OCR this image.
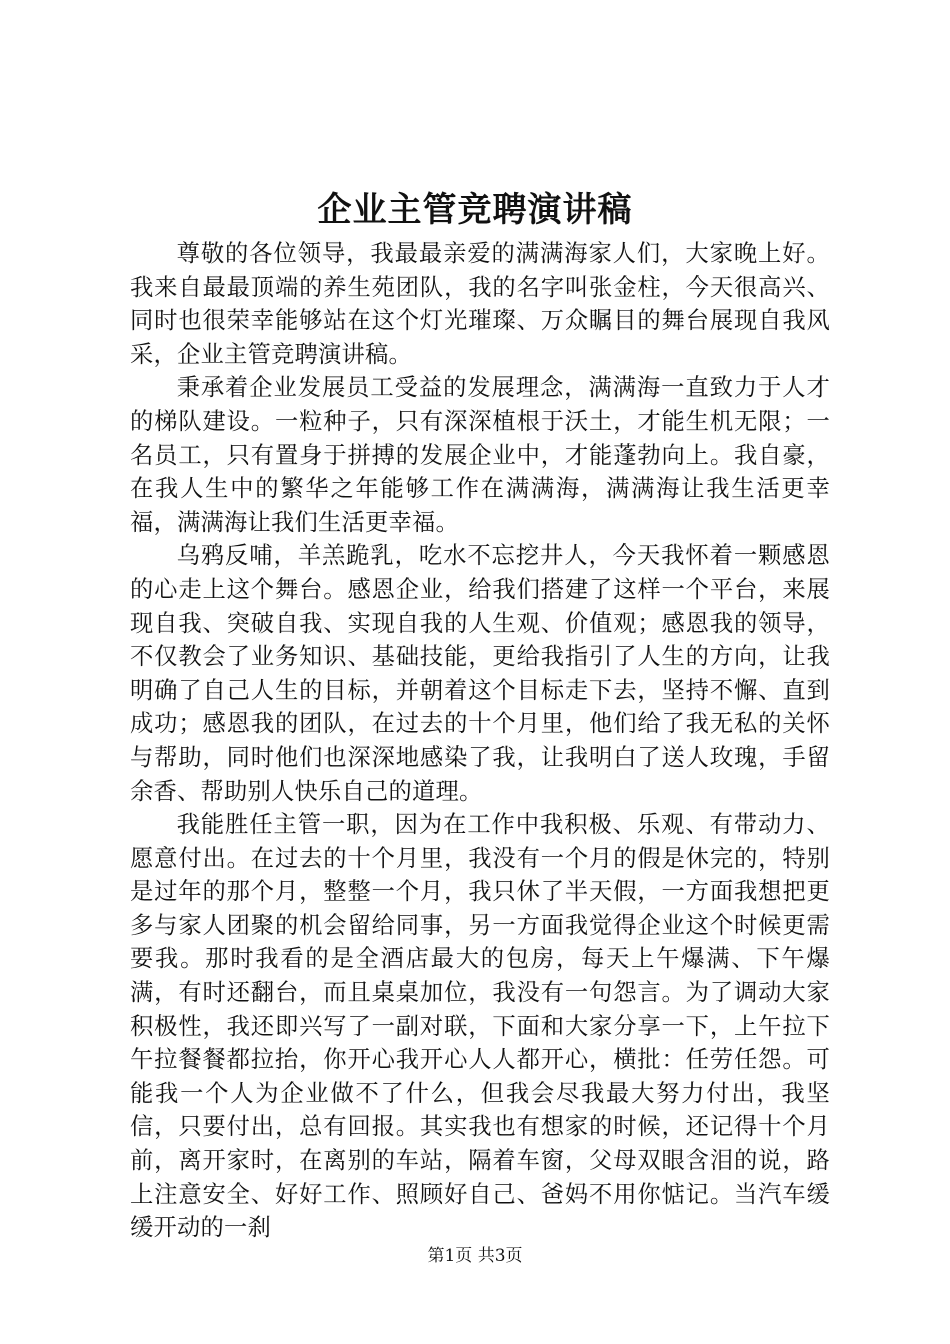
企业主管竞聘演讲稿

尊敬的各位领导，我最最亲爱的满满海家人们，大家晚上好。我来自最最顶端的养生苑团队，我的名字叫张金柱，今天很高兴、同时也很荣幸能够站在这个灯光璀璨、万众瞩目的舞台展现自我风采，企业主管竞聘演讲稿。

秉承着企业发展员工受益的发展理念，满满海一直致力于人才的梯队建设。一粒种子，只有深深植根于沃土，才能生机无限；一名员工，只有置身于拼搏的发展企业中，才能蓬勃向上。我自豪，在我人生中的繁华之年能够工作在满满海，满满海让我生活更幸福，满满海让我们生活更幸福。

乌鸦反哺，羊羔跪乳，吃水不忘挖井人，今天我怀着一颗感恩的心走上这个舞台。感恩企业，给我们搭建了这样一个平台，来展现自我、突破自我、实现自我的人生观、价值观；感恩我的领导，不仅教会了业务知识、基础技能，更给我指引了人生的方向，让我明确了自己人生的目标，并朝着这个目标走下去，坚持不懈、直到成功；感恩我的团队，在过去的十个月里，他们给了我无私的关怀与帮助，同时他们也深深地感染了我，让我明白了送人玫瑰，手留余香、帮助别人快乐自己的道理。

我能胜任主管一职，因为在工作中我积极、乐观、有带动力、愿意付出。在过去的十个月里，我没有一个月的假是休完的，特别是过年的那个月，整整一个月，我只休了半天假，一方面我想把更多与家人团聚的机会留给同事，另一方面我觉得企业这个时候更需要我。那时我看的是全酒店最大的包房，每天上午爆满、下午爆满，有时还翻台，而且桌桌加位，我没有一句怨言。为了调动大家积极性，我还即兴写了一副对联，下面和大家分享一下，上午拉下午拉餐餐都拉抬，你开心我开心人人都开心，横批：任劳任怨。可能我一个人为企业做不了什么，但我会尽我最大努力付出，我坚信，只要付出，总有回报。其实我也有想家的时候，还记得十个月前，离开家时，在离别的车站，隔着车窗，父母双眼含泪的说，路上注意安全、好好工作、照顾好自己、爸妈不用你惦记。当汽车缓缓开动的一刹

第1页 共3页
